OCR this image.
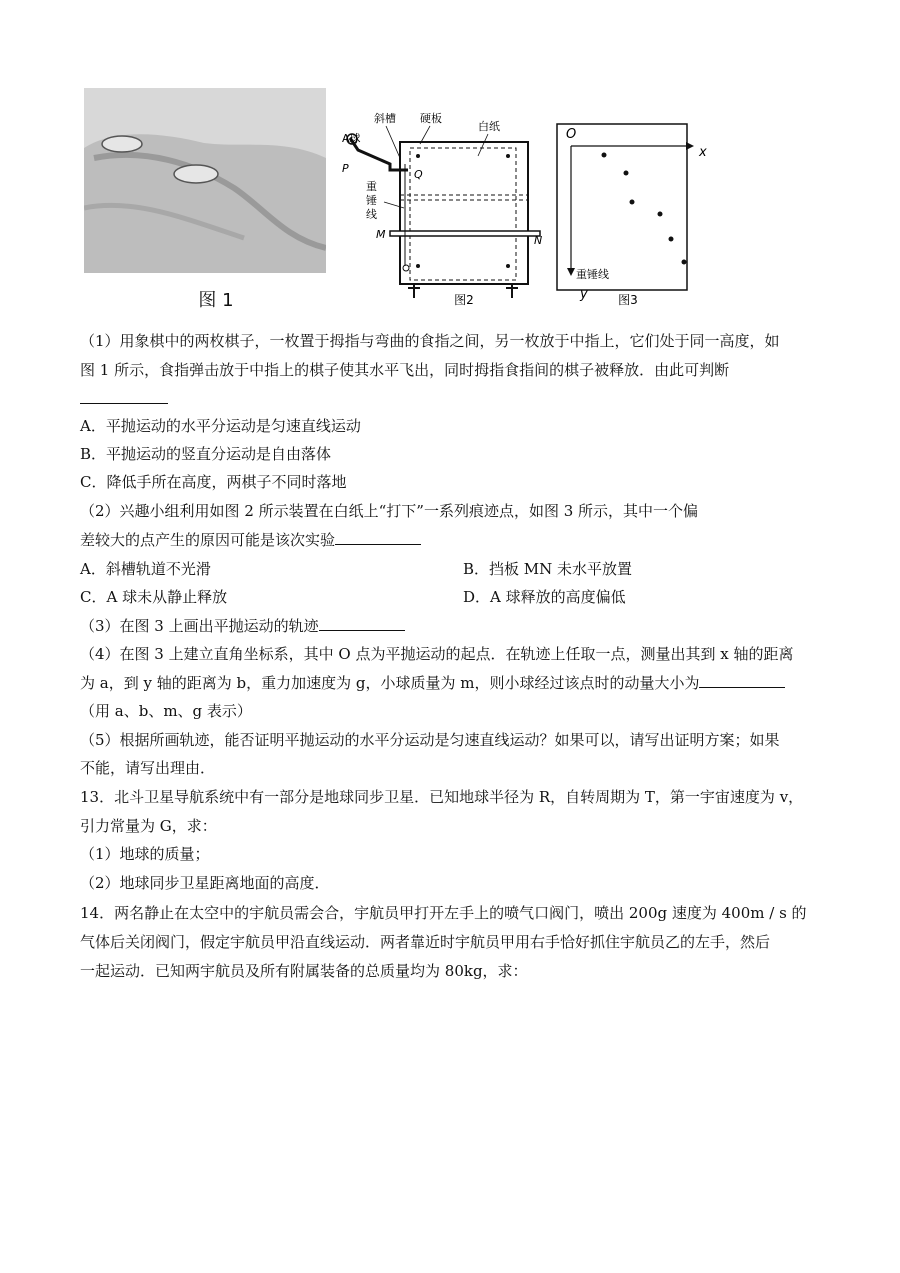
图 1
A球
斜槽 硬板
白纸
P	Q
重
锤
线
M	N
图2
O
x
重锤线
y	图3
（1）用象棋中的两枚棋子，一枚置于拇指与弯曲的食指之间，另一枚放于中指上，它们处于同一高度，如
图 1 所示，食指弹击放于中指上的棋子使其水平飞出，同时拇指食指间的棋子被释放．由此可判断
A．平抛运动的水平分运动是匀速直线运动
B．平抛运动的竖直分运动是自由落体
C．降低手所在高度，两棋子不同时落地
（2）兴趣小组利用如图 2 所示装置在白纸上“打下”一系列痕迹点，如图 3 所示，其中一个偏
差较大的点产生的原因可能是该次实验
A．斜槽轨道不光滑	B．挡板 MN 未水平放置
C．A 球未从静止释放	D．A 球释放的高度偏低
（3）在图 3 上画出平抛运动的轨迹
（4）在图 3 上建立直角坐标系，其中 O 点为平抛运动的起点．在轨迹上任取一点，测量出其到 x 轴的距离
为 a，到 y 轴的距离为 b，重力加速度为 g，小球质量为 m，则小球经过该点时的动量大小为
（用 a、b、m、g 表示）
（5）根据所画轨迹，能否证明平抛运动的水平分运动是匀速直线运动？如果可以，请写出证明方案；如果
不能，请写出理由．
13．北斗卫星导航系统中有一部分是地球同步卫星．已知地球半径为 R，自转周期为 T，第一宇宙速度为 v，
引力常量为 G，求：
（1）地球的质量；
（2）地球同步卫星距离地面的高度．
14．两名静止在太空中的宇航员需会合，宇航员甲打开左手上的喷气口阀门，喷出 200g 速度为 400m / s 的
气体后关闭阀门，假定宇航员甲沿直线运动．两者靠近时宇航员甲用右手恰好抓住宇航员乙的左手，然后
一起运动．已知两宇航员及所有附属装备的总质量均为 80kg，求：
